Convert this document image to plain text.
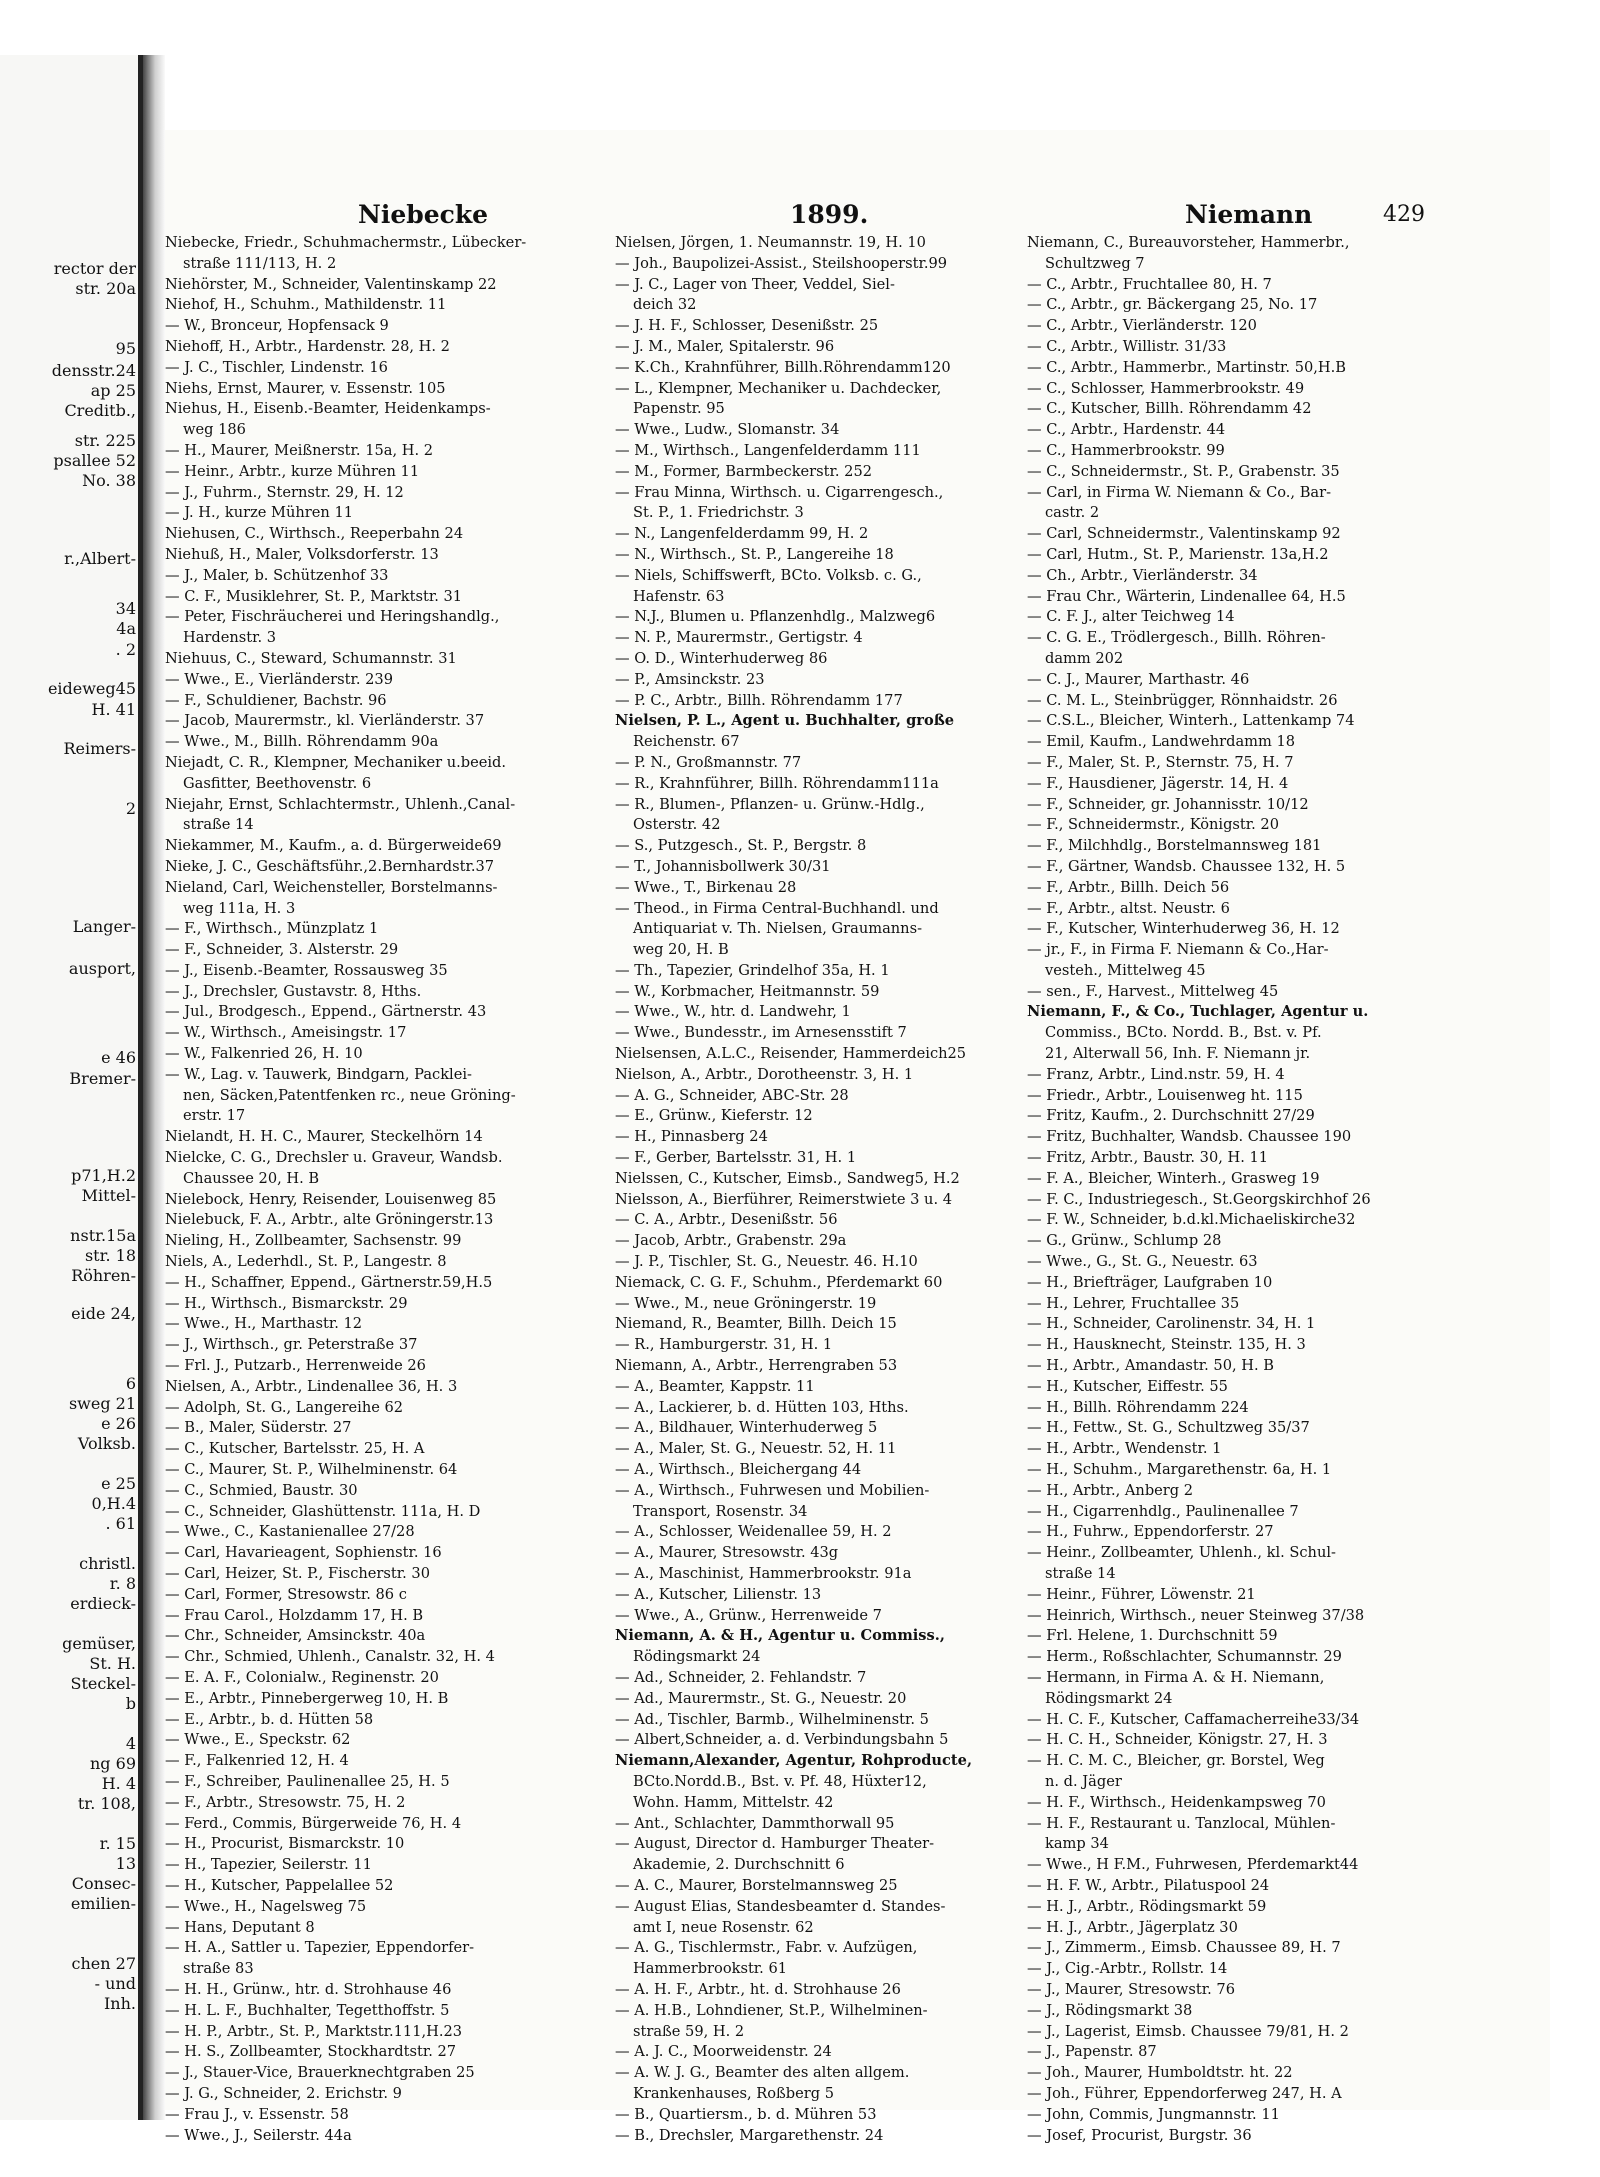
rector der
str. 20a
95
densstr.24
ap 25
Creditb.,
str. 225
psallee 52
No. 38
r.,Albert-
34
4a
. 2
eideweg45
H. 41
Reimers-
2
Langer-
ausport,
e 46
Bremer-
p71,H.2
Mittel-
nstr.15a
str. 18
Röhren-
eide 24,
6
sweg 21
e 26
Volksb.
e 25
0,H.4
. 61
christl.
r. 8
erdieck-
gemüser,
St. H.
Steckel-
b
4
ng 69
H. 4
tr. 108,
r. 15
13
Consec-
emilien-
chen 27
- und
Inh.
Niebecke	1899.	Niemann	429
Niebecke, Friedr., Schuhmachermstr., Lübecker-
straße 111/113, H. 2
Niehörster, M., Schneider, Valentinskamp 22
Niehof, H., Schuhm., Mathildenstr. 11
— W., Bronceur, Hopfensack 9
Niehoff, H., Arbtr., Hardenstr. 28, H. 2
— J. C., Tischler, Lindenstr. 16
Niehs, Ernst, Maurer, v. Essenstr. 105
Niehus, H., Eisenb.-Beamter, Heidenkamps-
weg 186
— H., Maurer, Meißnerstr. 15a, H. 2
— Heinr., Arbtr., kurze Mühren 11
— J., Fuhrm., Sternstr. 29, H. 12
— J. H., kurze Mühren 11
Niehusen, C., Wirthsch., Reeperbahn 24
Niehuß, H., Maler, Volksdorferstr. 13
— J., Maler, b. Schützenhof 33
— C. F., Musiklehrer, St. P., Marktstr. 31
— Peter, Fischräucherei und Heringshandlg.,
Hardenstr. 3
Niehuus, C., Steward, Schumannstr. 31
— Wwe., E., Vierländerstr. 239
— F., Schuldiener, Bachstr. 96
— Jacob, Maurermstr., kl. Vierländerstr. 37
— Wwe., M., Billh. Röhrendamm 90a
Niejadt, C. R., Klempner, Mechaniker u.beeid.
Gasfitter, Beethovenstr. 6
Niejahr, Ernst, Schlachtermstr., Uhlenh.,Canal-
straße 14
Niekammer, M., Kaufm., a. d. Bürgerweide69
Nieke, J. C., Geschäftsführ.,2.Bernhardstr.37
Nieland, Carl, Weichensteller, Borstelmanns-
weg 111a, H. 3
— F., Wirthsch., Münzplatz 1
— F., Schneider, 3. Alsterstr. 29
— J., Eisenb.-Beamter, Rossausweg 35
— J., Drechsler, Gustavstr. 8, Hths.
— Jul., Brodgesch., Eppend., Gärtnerstr. 43
— W., Wirthsch., Ameisingstr. 17
— W., Falkenried 26, H. 10
— W., Lag. v. Tauwerk, Bindgarn, Packlei-
nen, Säcken,Patentfenken rc., neue Gröning-
erstr. 17
Nielandt, H. H. C., Maurer, Steckelhörn 14
Nielcke, C. G., Drechsler u. Graveur, Wandsb.
Chaussee 20, H. B
Nielebock, Henry, Reisender, Louisenweg 85
Nielebuck, F. A., Arbtr., alte Gröningerstr.13
Nieling, H., Zollbeamter, Sachsenstr. 99
Niels, A., Lederhdl., St. P., Langestr. 8
— H., Schaffner, Eppend., Gärtnerstr.59,H.5
— H., Wirthsch., Bismarckstr. 29
— Wwe., H., Marthastr. 12
— J., Wirthsch., gr. Peterstraße 37
— Frl. J., Putzarb., Herrenweide 26
Nielsen, A., Arbtr., Lindenallee 36, H. 3
— Adolph, St. G., Langereihe 62
— B., Maler, Süderstr. 27
— C., Kutscher, Bartelsstr. 25, H. A
— C., Maurer, St. P., Wilhelminenstr. 64
— C., Schmied, Baustr. 30
— C., Schneider, Glashüttenstr. 111a, H. D
— Wwe., C., Kastanienallee 27/28
— Carl, Havarieagent, Sophienstr. 16
— Carl, Heizer, St. P., Fischerstr. 30
— Carl, Former, Stresowstr. 86 c
— Frau Carol., Holzdamm 17, H. B
— Chr., Schneider, Amsinckstr. 40a
— Chr., Schmied, Uhlenh., Canalstr. 32, H. 4
— E. A. F., Colonialw., Reginenstr. 20
— E., Arbtr., Pinnebergerweg 10, H. B
— E., Arbtr., b. d. Hütten 58
— Wwe., E., Speckstr. 62
— F., Falkenried 12, H. 4
— F., Schreiber, Paulinenallee 25, H. 5
— F., Arbtr., Stresowstr. 75, H. 2
— Ferd., Commis, Bürgerweide 76, H. 4
— H., Procurist, Bismarckstr. 10
— H., Tapezier, Seilerstr. 11
— H., Kutscher, Pappelallee 52
— Wwe., H., Nagelsweg 75
— Hans, Deputant 8
— H. A., Sattler u. Tapezier, Eppendorfer-
straße 83
— H. H., Grünw., htr. d. Strohhause 46
— H. L. F., Buchhalter, Tegetthoffstr. 5
— H. P., Arbtr., St. P., Marktstr.111,H.23
— H. S., Zollbeamter, Stockhardtstr. 27
— J., Stauer-Vice, Brauerknechtgraben 25
— J. G., Schneider, 2. Erichstr. 9
— Frau J., v. Essenstr. 58
— Wwe., J., Seilerstr. 44a
Nielsen, Jörgen, 1. Neumannstr. 19, H. 10
— Joh., Baupolizei-Assist., Steilshooperstr.99
— J. C., Lager von Theer, Veddel, Siel-
deich 32
— J. H. F., Schlosser, Desenißstr. 25
— J. M., Maler, Spitalerstr. 96
— K.Ch., Krahnführer, Billh.Röhrendamm120
— L., Klempner, Mechaniker u. Dachdecker,
Papenstr. 95
— Wwe., Ludw., Slomanstr. 34
— M., Wirthsch., Langenfelderdamm 111
— M., Former, Barmbeckerstr. 252
— Frau Minna, Wirthsch. u. Cigarrengesch.,
St. P., 1. Friedrichstr. 3
— N., Langenfelderdamm 99, H. 2
— N., Wirthsch., St. P., Langereihe 18
— Niels, Schiffswerft, BCto. Volksb. c. G.,
Hafenstr. 63
— N.J., Blumen u. Pflanzenhdlg., Malzweg6
— N. P., Maurermstr., Gertigstr. 4
— O. D., Winterhuderweg 86
— P., Amsinckstr. 23
— P. C., Arbtr., Billh. Röhrendamm 177
Nielsen, P. L., Agent u. Buchhalter, große
Reichenstr. 67
— P. N., Großmannstr. 77
— R., Krahnführer, Billh. Röhrendamm111a
— R., Blumen-, Pflanzen- u. Grünw.-Hdlg.,
Osterstr. 42
— S., Putzgesch., St. P., Bergstr. 8
— T., Johannisbollwerk 30/31
— Wwe., T., Birkenau 28
— Theod., in Firma Central-Buchhandl. und
Antiquariat v. Th. Nielsen, Graumanns-
weg 20, H. B
— Th., Tapezier, Grindelhof 35a, H. 1
— W., Korbmacher, Heitmannstr. 59
— Wwe., W., htr. d. Landwehr, 1
— Wwe., Bundesstr., im Arnesensstift 7
Nielsensen, A.L.C., Reisender, Hammerdeich25
Nielson, A., Arbtr., Dorotheenstr. 3, H. 1
— A. G., Schneider, ABC-Str. 28
— E., Grünw., Kieferstr. 12
— H., Pinnasberg 24
— F., Gerber, Bartelsstr. 31, H. 1
Nielssen, C., Kutscher, Eimsb., Sandweg5, H.2
Nielsson, A., Bierführer, Reimerstwiete 3 u. 4
— C. A., Arbtr., Desenißstr. 56
— Jacob, Arbtr., Grabenstr. 29a
— J. P., Tischler, St. G., Neuestr. 46. H.10
Niemack, C. G. F., Schuhm., Pferdemarkt 60
— Wwe., M., neue Gröningerstr. 19
Niemand, R., Beamter, Billh. Deich 15
— R., Hamburgerstr. 31, H. 1
Niemann, A., Arbtr., Herrengraben 53
— A., Beamter, Kappstr. 11
— A., Lackierer, b. d. Hütten 103, Hths.
— A., Bildhauer, Winterhuderweg 5
— A., Maler, St. G., Neuestr. 52, H. 11
— A., Wirthsch., Bleichergang 44
— A., Wirthsch., Fuhrwesen und Mobilien-
Transport, Rosenstr. 34
— A., Schlosser, Weidenallee 59, H. 2
— A., Maurer, Stresowstr. 43g
— A., Maschinist, Hammerbrookstr. 91a
— A., Kutscher, Lilienstr. 13
— Wwe., A., Grünw., Herrenweide 7
Niemann, A. & H., Agentur u. Commiss.,
Rödingsmarkt 24
— Ad., Schneider, 2. Fehlandstr. 7
— Ad., Maurermstr., St. G., Neuestr. 20
— Ad., Tischler, Barmb., Wilhelminenstr. 5
— Albert,Schneider, a. d. Verbindungsbahn 5
Niemann,Alexander, Agentur, Rohproducte,
BCto.Nordd.B., Bst. v. Pf. 48, Hüxter12,
Wohn. Hamm, Mittelstr. 42
— Ant., Schlachter, Dammthorwall 95
— August, Director d. Hamburger Theater-
Akademie, 2. Durchschnitt 6
— A. C., Maurer, Borstelmannsweg 25
— August Elias, Standesbeamter d. Standes-
amt I, neue Rosenstr. 62
— A. G., Tischlermstr., Fabr. v. Aufzügen,
Hammerbrookstr. 61
— A. H. F., Arbtr., ht. d. Strohhause 26
— A. H.B., Lohndiener, St.P., Wilhelminen-
straße 59, H. 2
— A. J. C., Moorweidenstr. 24
— A. W. J. G., Beamter des alten allgem.
Krankenhauses, Roßberg 5
— B., Quartiersm., b. d. Mühren 53
— B., Drechsler, Margarethenstr. 24
Niemann, C., Bureauvorsteher, Hammerbr.,
Schultzweg 7
— C., Arbtr., Fruchtallee 80, H. 7
— C., Arbtr., gr. Bäckergang 25, No. 17
— C., Arbtr., Vierländerstr. 120
— C., Arbtr., Willistr. 31/33
— C., Arbtr., Hammerbr., Martinstr. 50,H.B
— C., Schlosser, Hammerbrookstr. 49
— C., Kutscher, Billh. Röhrendamm 42
— C., Arbtr., Hardenstr. 44
— C., Hammerbrookstr. 99
— C., Schneidermstr., St. P., Grabenstr. 35
— Carl, in Firma W. Niemann & Co., Bar-
castr. 2
— Carl, Schneidermstr., Valentinskamp 92
— Carl, Hutm., St. P., Marienstr. 13a,H.2
— Ch., Arbtr., Vierländerstr. 34
— Frau Chr., Wärterin, Lindenallee 64, H.5
— C. F. J., alter Teichweg 14
— C. G. E., Trödlergesch., Billh. Röhren-
damm 202
— C. J., Maurer, Marthastr. 46
— C. M. L., Steinbrügger, Rönnhaidstr. 26
— C.S.L., Bleicher, Winterh., Lattenkamp 74
— Emil, Kaufm., Landwehrdamm 18
— F., Maler, St. P., Sternstr. 75, H. 7
— F., Hausdiener, Jägerstr. 14, H. 4
— F., Schneider, gr. Johannisstr. 10/12
— F., Schneidermstr., Königstr. 20
— F., Milchhdlg., Borstelmannsweg 181
— F., Gärtner, Wandsb. Chaussee 132, H. 5
— F., Arbtr., Billh. Deich 56
— F., Arbtr., altst. Neustr. 6
— F., Kutscher, Winterhuderweg 36, H. 12
— jr., F., in Firma F. Niemann & Co.,Har-
vestеh., Mittelweg 45
— sen., F., Harvest., Mittelweg 45
Niemann, F., & Co., Tuchlager, Agentur u.
Commiss., BCto. Nordd. B., Bst. v. Pf.
21, Alterwall 56, Inh. F. Niemann jr.
— Franz, Arbtr., Lind.nstr. 59, H. 4
— Friedr., Arbtr., Louisenweg ht. 115
— Fritz, Kaufm., 2. Durchschnitt 27/29
— Fritz, Buchhalter, Wandsb. Chaussee 190
— Fritz, Arbtr., Baustr. 30, H. 11
— F. A., Bleicher, Winterh., Grasweg 19
— F. C., Industriegesch., St.Georgskirchhof 26
— F. W., Schneider, b.d.kl.Michaeliskirche32
— G., Grünw., Schlump 28
— Wwe., G., St. G., Neuestr. 63
— H., Briefträger, Laufgraben 10
— H., Lehrer, Fruchtallee 35
— H., Schneider, Carolinenstr. 34, H. 1
— H., Hausknecht, Steinstr. 135, H. 3
— H., Arbtr., Amandastr. 50, H. B
— H., Kutscher, Eiffestr. 55
— H., Billh. Röhrendamm 224
— H., Fettw., St. G., Schultzweg 35/37
— H., Arbtr., Wendenstr. 1
— H., Schuhm., Margarethenstr. 6a, H. 1
— H., Arbtr., Anberg 2
— H., Cigarrenhdlg., Paulinenallee 7
— H., Fuhrw., Eppendorferstr. 27
— Heinr., Zollbeamter, Uhlenh., kl. Schul-
straße 14
— Heinr., Führer, Löwenstr. 21
— Heinrich, Wirthsch., neuer Steinweg 37/38
— Frl. Helene, 1. Durchschnitt 59
— Herm., Roßschlachter, Schumannstr. 29
— Hermann, in Firma A. & H. Niemann,
Rödingsmarkt 24
— H. C. F., Kutscher, Caffamacherreihe33/34
— H. C. H., Schneider, Königstr. 27, H. 3
— H. C. M. C., Bleicher, gr. Borstel, Weg
n. d. Jäger
— H. F., Wirthsch., Heidenkampsweg 70
— H. F., Restaurant u. Tanzlocal, Mühlen-
kamp 34
— Wwe., H F.M., Fuhrwesen, Pferdemarkt44
— H. F. W., Arbtr., Pilatuspool 24
— H. J., Arbtr., Rödingsmarkt 59
— H. J., Arbtr., Jägerplatz 30
— J., Zimmerm., Eimsb. Chaussee 89, H. 7
— J., Cig.-Arbtr., Rollstr. 14
— J., Maurer, Stresowstr. 76
— J., Rödingsmarkt 38
— J., Lagerist, Eimsb. Chaussee 79/81, H. 2
— J., Papenstr. 87
— Joh., Maurer, Humboldtstr. ht. 22
— Joh., Führer, Eppendorferweg 247, H. A
— John, Commis, Jungmannstr. 11
— Josef, Procurist, Burgstr. 36
